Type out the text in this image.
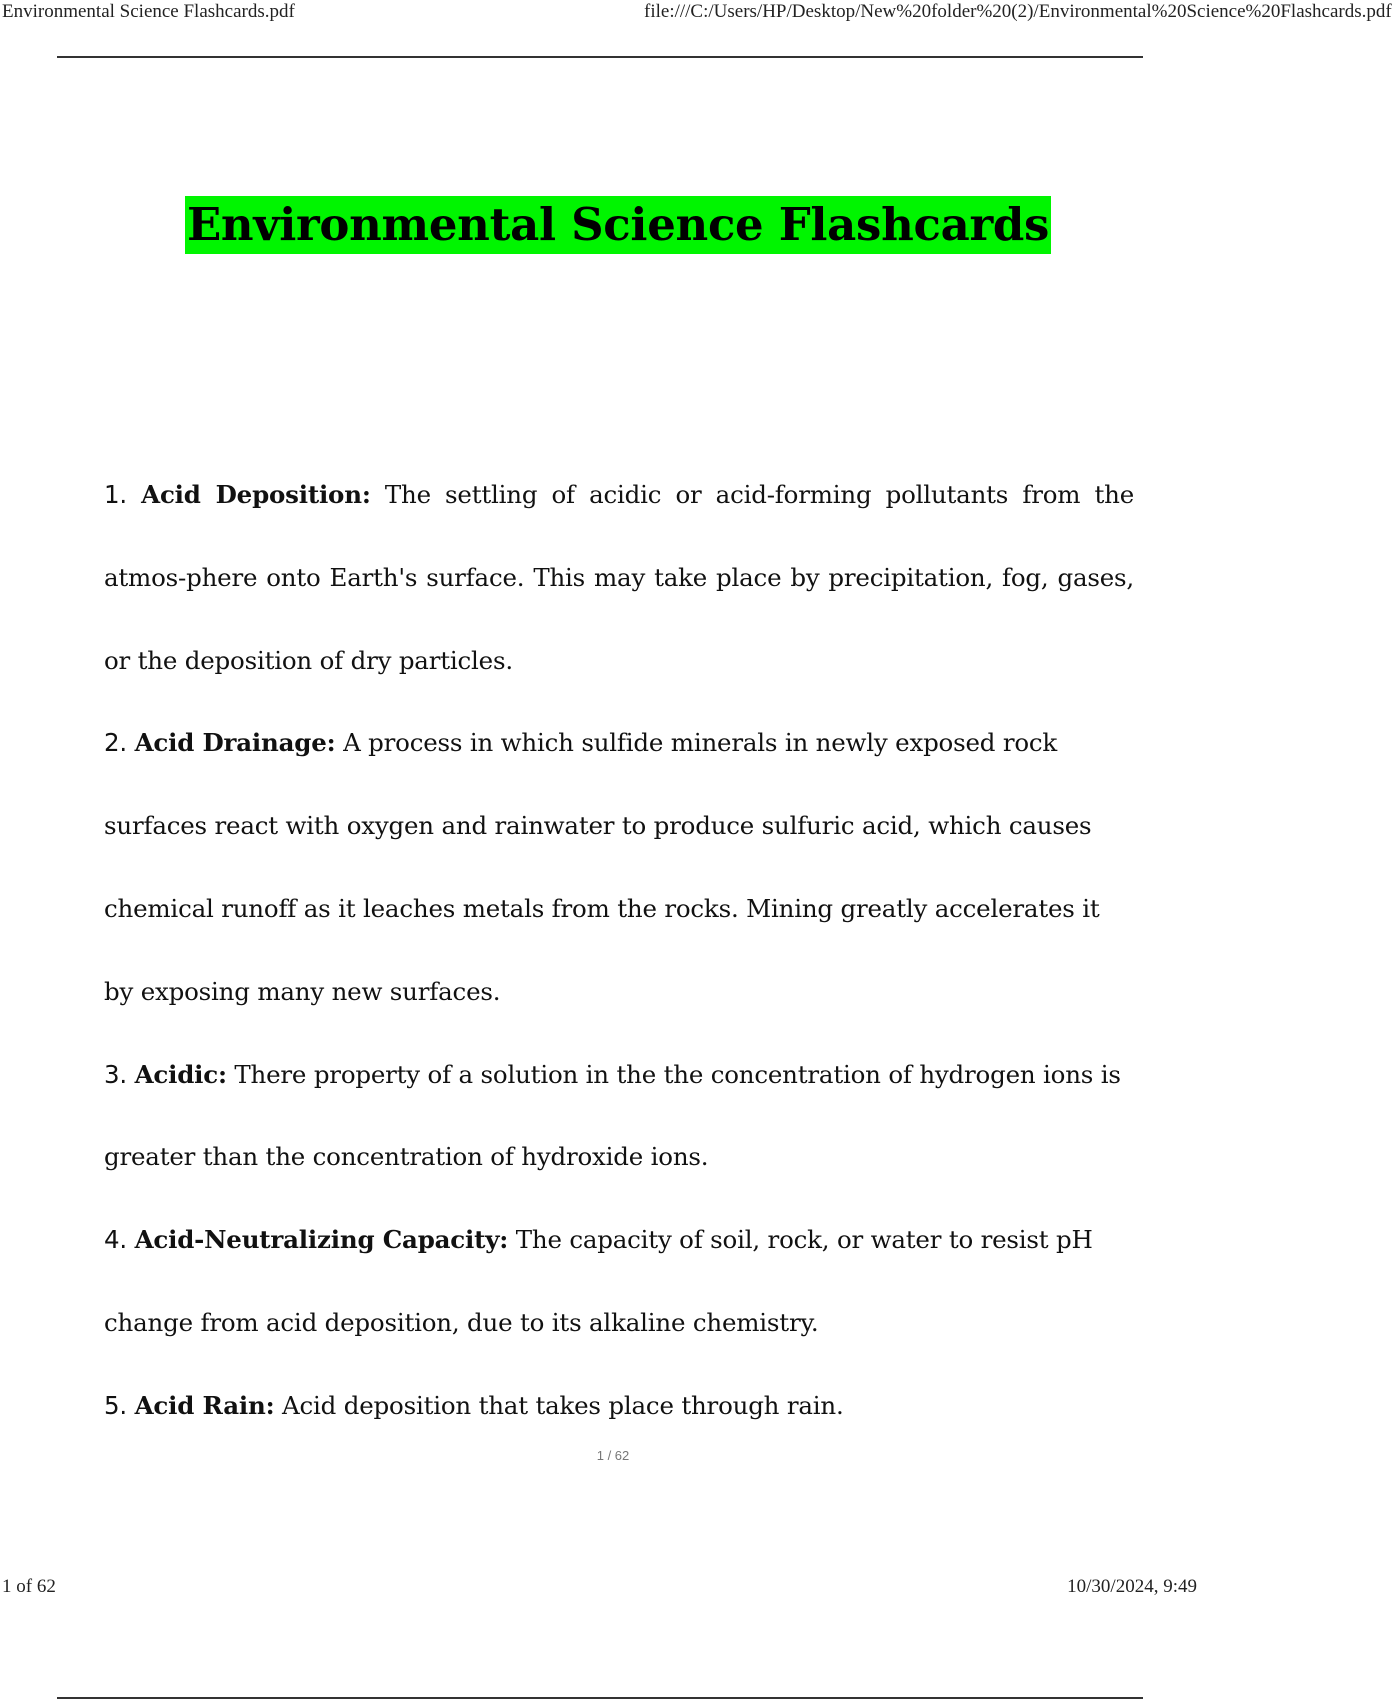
Environmental Science Flashcards.pdf	file:///C:/Users/HP/Desktop/New%20folder%20(2)/Environmental%20Science%20Flashcards.pdf
Environmental Science Flashcards

1. Acid Deposition: The settling of acidic or acid-forming pollutants from the atmos-phere onto Earth's surface. This may take place by precipitation, fog, gases, or the deposition of dry particles.

2. Acid Drainage: A process in which sulfide minerals in newly exposed rock surfaces react with oxygen and rainwater to produce sulfuric acid, which causes chemical runoff as it leaches metals from the rocks. Mining greatly accelerates it by exposing many new surfaces.

3. Acidic: There property of a solution in the the concentration of hydrogen ions is greater than the concentration of hydroxide ions.

4. Acid-Neutralizing Capacity: The capacity of soil, rock, or water to resist pH change from acid deposition, due to its alkaline chemistry.

5. Acid Rain: Acid deposition that takes place through rain.

1 / 62
1 of 62	10/30/2024, 9:49
